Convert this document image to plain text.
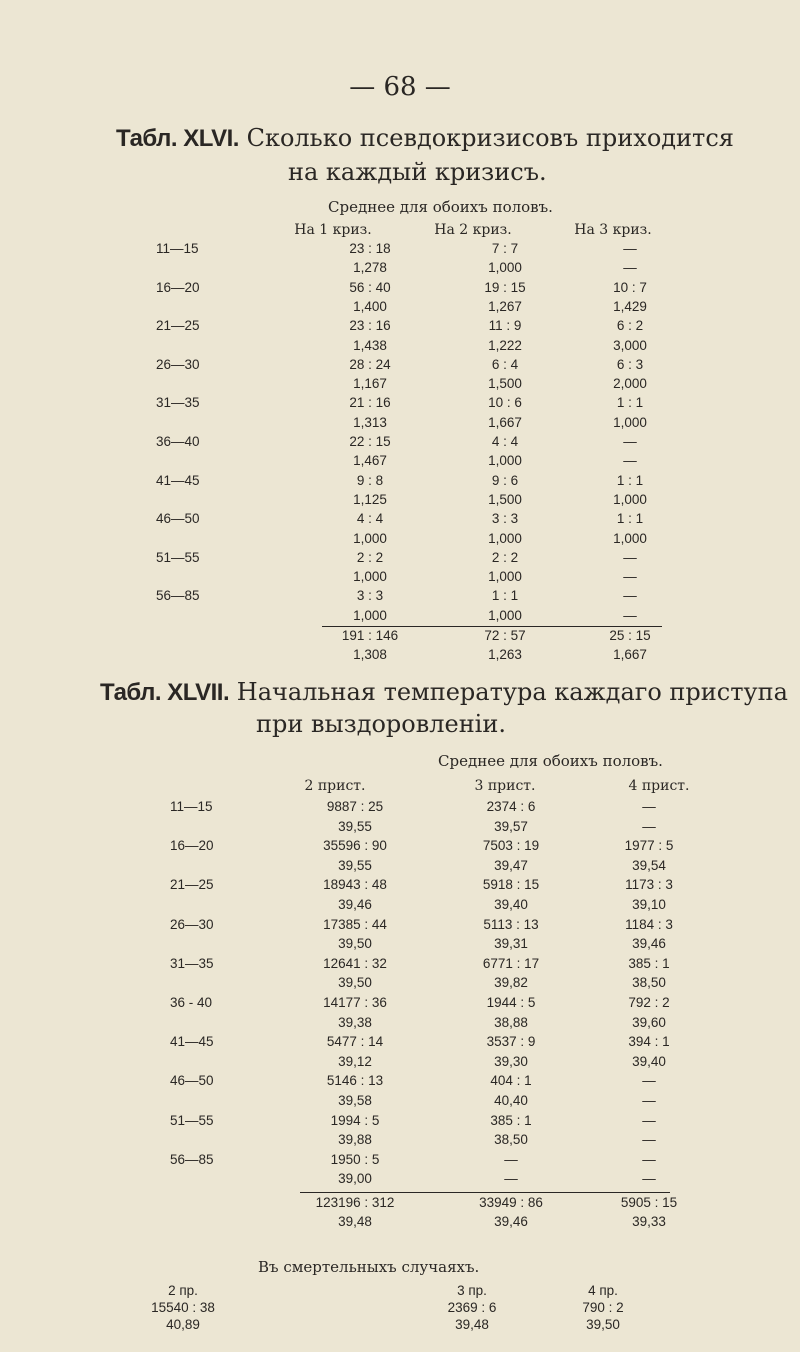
— 68 —
Табл. XLVI. Сколько псевдокризисовъ приходится
на каждый кризисъ.
Среднее для обоихъ половъ.
На 1 криз.	На 2 криз.	На 3 криз.
11—15	23 : 18	7 : 7	—
1,278	1,000	—
16—20	56 : 40	19 : 15	10 : 7
1,400	1,267	1,429
21—25	23 : 16	11 : 9	6 : 2
1,438	1,222	3,000
26—30	28 : 24	6 : 4	6 : 3
1,167	1,500	2,000
31—35	21 : 16	10 : 6	1 : 1
1,313	1,667	1,000
36—40	22 : 15	4 : 4	—
1,467	1,000	—
41—45	9 : 8	9 : 6	1 : 1
1,125	1,500	1,000
46—50	4 : 4	3 : 3	1 : 1
1,000	1,000	1,000
51—55	2 : 2	2 : 2	—
1,000	1,000	—
56—85	3 : 3	1 : 1	—
1,000	1,000	—
191 : 146	72 : 57	25 : 15
1,308	1,263	1,667
Табл. XLVII. Начальная температура каждаго приступа
при выздоровленіи.
Среднее для обоихъ половъ.
2 прист.	3 прист.	4 прист.
11—15	9887 : 25	2374 : 6	—
39,55	39,57	—
16—20	35596 : 90	7503 : 19	1977 : 5
39,55	39,47	39,54
21—25	18943 : 48	5918 : 15	1173 : 3
39,46	39,40	39,10
26—30	17385 : 44	5113 : 13	1184 : 3
39,50	39,31	39,46
31—35	12641 : 32	6771 : 17	385 : 1
39,50	39,82	38,50
36 - 40	14177 : 36	1944 : 5	792 : 2
39,38	38,88	39,60
41—45	5477 : 14	3537 : 9	394 : 1
39,12	39,30	39,40
46—50	5146 : 13	404 : 1	—
39,58	40,40	—
51—55	1994 : 5	385 : 1	—
39,88	38,50	—
56—85	1950 : 5	—	—
39,00	—	—
123196 : 312	33949 : 86	5905 : 15
39,48	39,46	39,33
Въ смертельныхъ случаяхъ.
2 пр.	3 пр.	4 пр.
15540 : 38	2369 : 6	790 : 2
40,89	39,48	39,50
